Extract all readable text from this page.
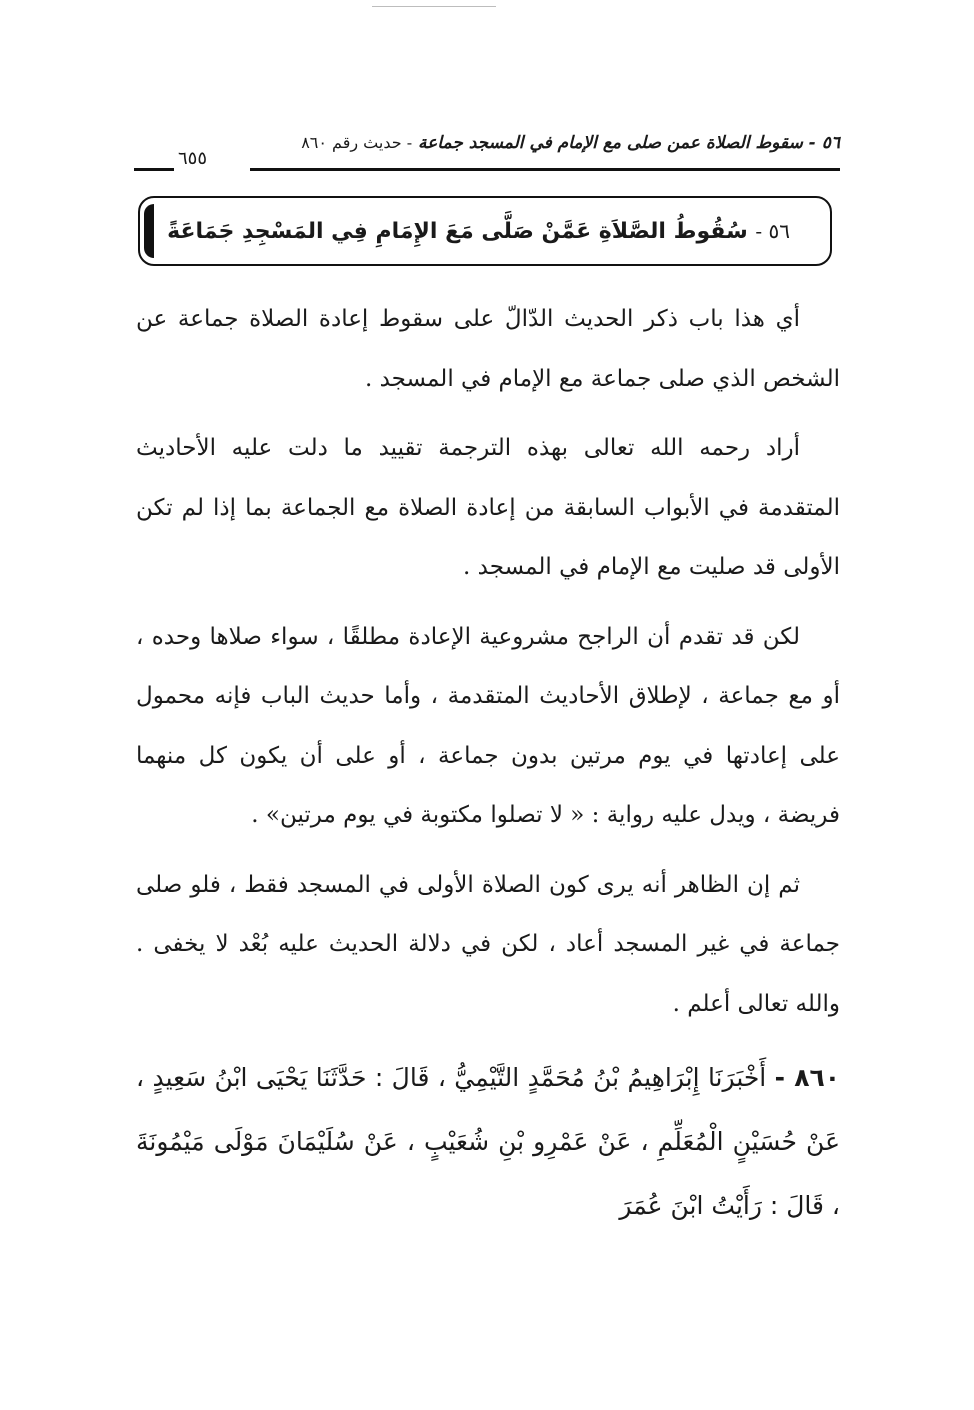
٥٦ - سقوط الصلاة عمن صلى مع الإمام في المسجد جماعة - حديث رقم ٨٦٠
٦٥٥
٥٦ - سُقُوطُ الصَّلاَةِ عَمَّنْ صَلَّى مَعَ الإِمَامِ فِي المَسْجِدِ جَمَاعَةً

أي هذا باب ذكر الحديث الدّالّ على سقوط إعادة الصلاة جماعة عن الشخص الذي صلى جماعة مع الإمام في المسجد .

أراد رحمه الله تعالى بهذه الترجمة تقييد ما دلت عليه الأحاديث المتقدمة في الأبواب السابقة من إعادة الصلاة مع الجماعة بما إذا لم تكن الأولى قد صليت مع الإمام في المسجد .

لكن قد تقدم أن الراجح مشروعية الإعادة مطلقًا ، سواء صلاها وحده ، أو مع جماعة ، لإطلاق الأحاديث المتقدمة ، وأما حديث الباب فإنه محمول على إعادتها في يوم مرتين بدون جماعة ، أو على أن يكون كل منهما فريضة ، ويدل عليه رواية : « لا تصلوا مكتوبة في يوم مرتين» .

ثم إن الظاهر أنه يرى كون الصلاة الأولى في المسجد فقط ، فلو صلى جماعة في غير المسجد أعاد ، لكن في دلالة الحديث عليه بُعْد لا يخفى . والله تعالى أعلم .

٨٦٠ - أَخْبَرَنَا إِبْرَاهِيمُ بْنُ مُحَمَّدٍ التَّيْمِيُّ ، قَالَ : حَدَّثَنَا يَحْيَى ابْنُ سَعِيدٍ ، عَنْ حُسَيْنٍ الْمُعَلِّمِ ، عَنْ عَمْرِو بْنِ شُعَيْبٍ ، عَنْ سُلَيْمَانَ مَوْلَى مَيْمُونَةَ ، قَالَ : رَأَيْتُ ابْنَ عُمَرَ
